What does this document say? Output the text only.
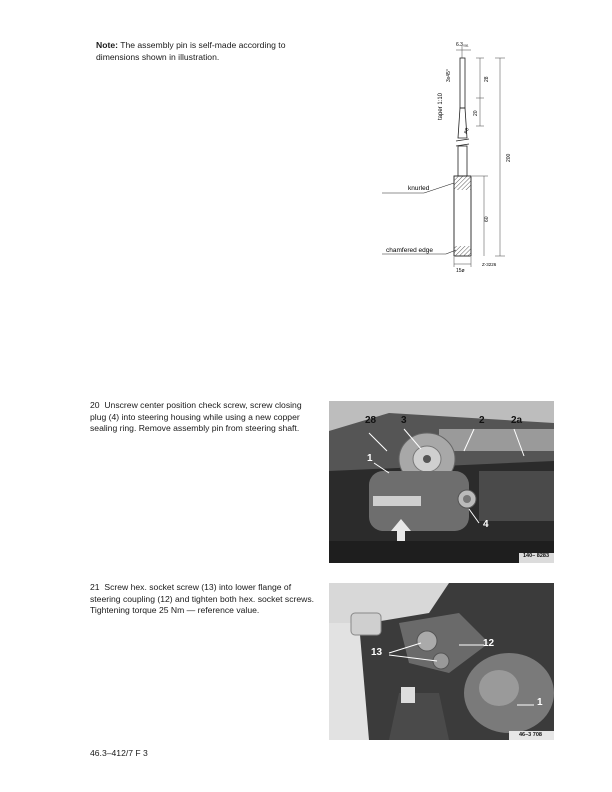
Note: The assembly pin is self-made according to dimensions shown in illustration.

6.3₀ₐ₁
3x45°
taper 1:10
28
20
ø8
200
60
knurled
chamfered edge
15ø
Z-3226

20 Unscrew center position check screw, screw closing plug (4) into steering housing while using a new copper sealing ring. Remove assembly pin from steering shaft.

28 3	2	2a
1
4
140– 8283

21 Screw hex. socket screw (13) into lower flange of steering coupling (12) and tighten both hex. socket screws. Tightening torque 25 Nm — reference value.

12
13
1
46–3 708
46.3–412/7 F 3
